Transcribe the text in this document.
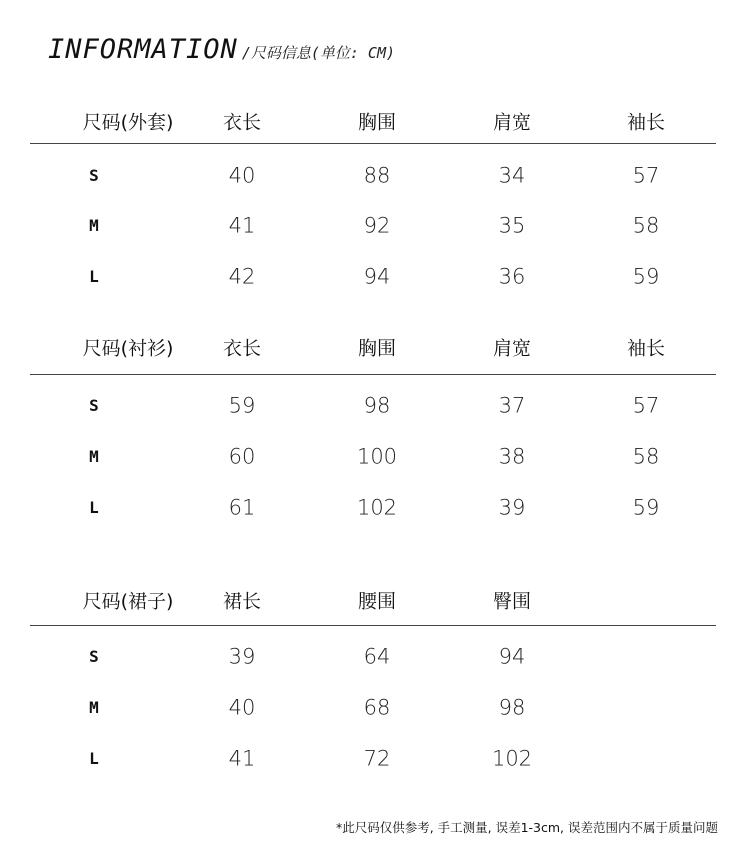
INFORMATION /尺码信息(单位: CM)
尺码(外套)	衣长	胸围	肩宽	袖长
S	40	88	34	57
M	41	92	35	58
L	42	94	36	59
尺码(衬衫)	衣长	胸围	肩宽	袖长
S	59	98	37	57
M	60	100	38	58
L	61	102	39	59
尺码(裙子)	裙长	腰围	臀围
S	39	64	94
M	40	68	98
L	41	72	102
*此尺码仅供参考, 手工测量, 误差1-3cm, 误差范围内不属于质量问题
